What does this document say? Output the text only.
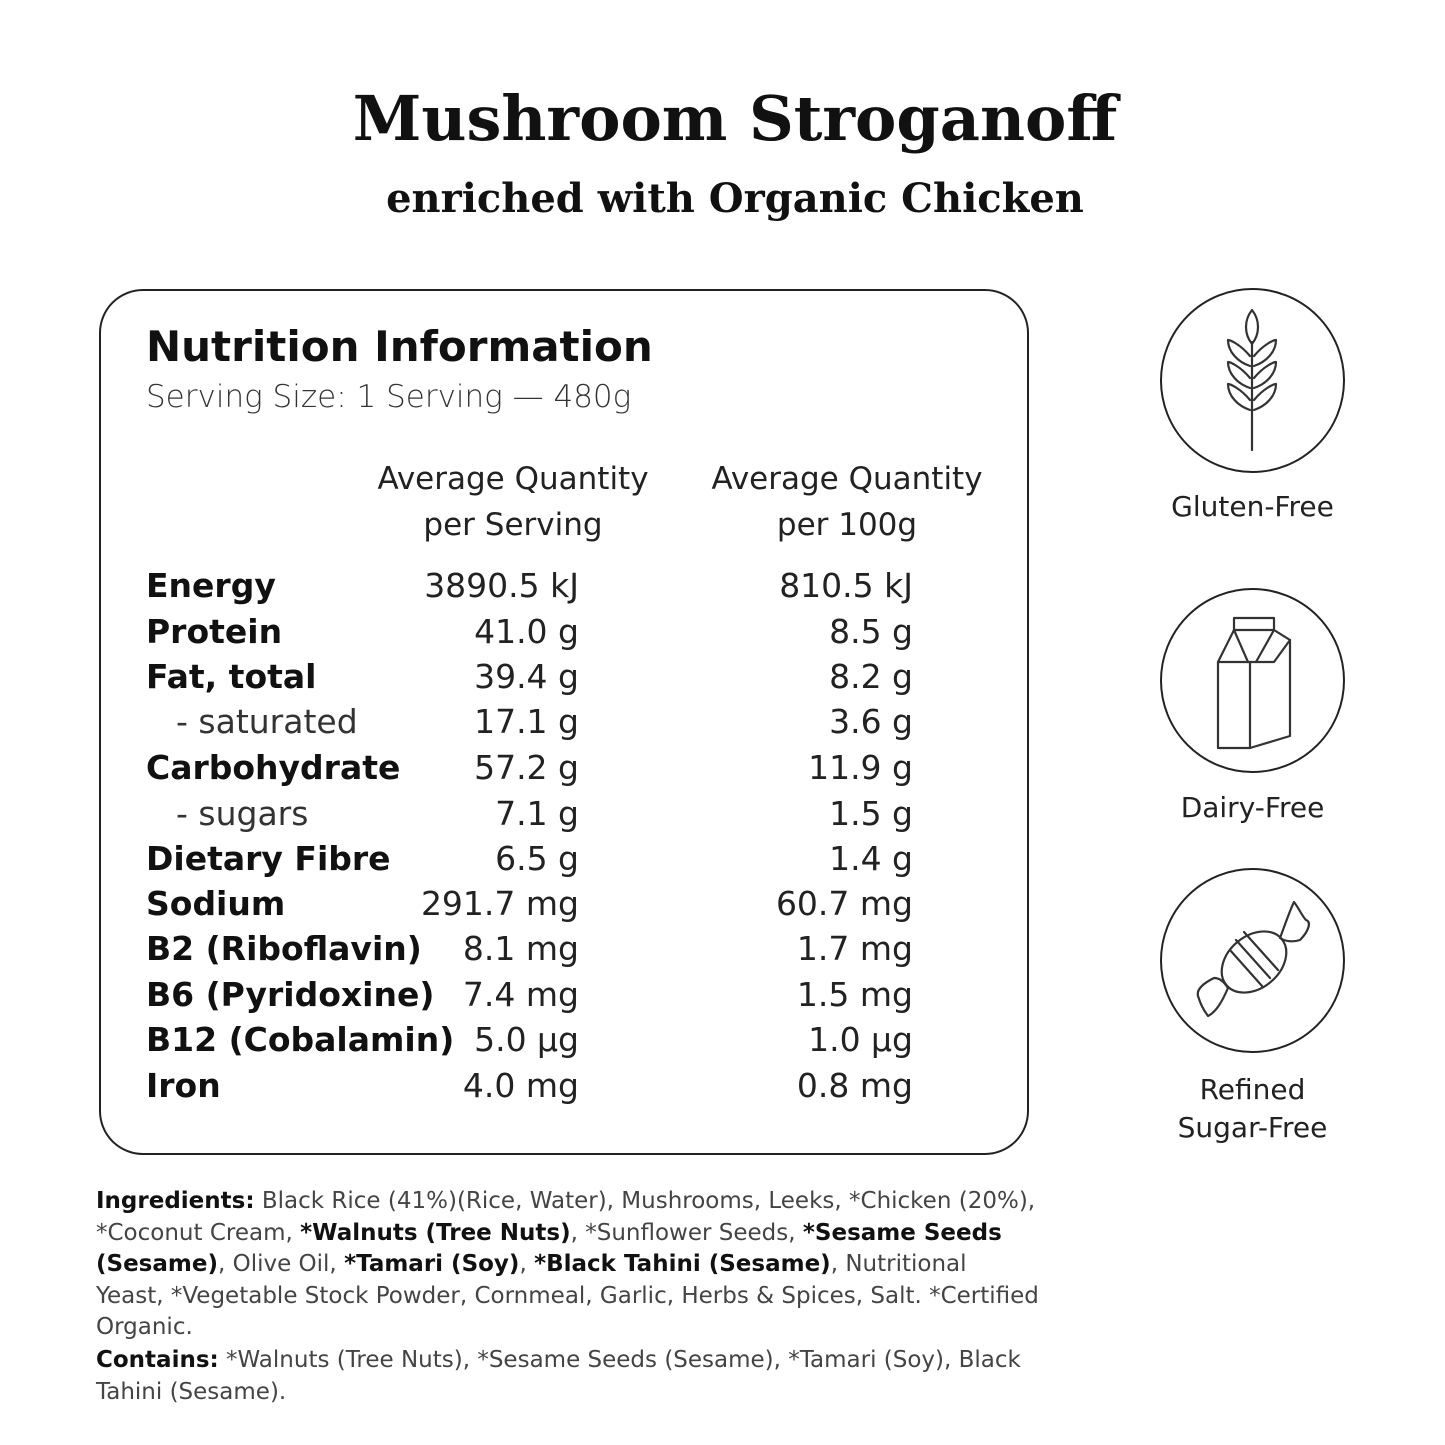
Mushroom Stroganoff
enriched with Organic Chicken
Nutrition Information
Serving Size: 1 Serving — 480g
Average Quantity
per Serving
Average Quantity
per 100g
Energy	3890.5 kJ	810.5 kJ
Protein	41.0 g	8.5 g
Fat, total	39.4 g	8.2 g
- saturated	17.1 g	3.6 g
Carbohydrate 57.2 g	11.9 g
- sugars	7.1 g	1.5 g
Dietary Fibre	6.5 g	1.4 g
Sodium	291.7 mg	60.7 mg
B2 (Riboflavin) 8.1 mg	1.7 mg
B6 (Pyridoxine) 7.4 mg	1.5 mg
B12 (Cobalamin) 5.0 µg	1.0 µg
Iron	4.0 mg	0.8 mg
Gluten-Free
Dairy-Free
Refined
Sugar-Free

Ingredients: Black Rice (41%)(Rice, Water), Mushrooms, Leeks, *Chicken (20%), *Coconut Cream, *Walnuts (Tree Nuts), *Sunflower Seeds, *Sesame Seeds (Sesame), Olive Oil, *Tamari (Soy), *Black Tahini (Sesame), Nutritional Yeast, *Vegetable Stock Powder, Cornmeal, Garlic, Herbs & Spices, Salt. *Certified Organic.

Contains: *Walnuts (Tree Nuts), *Sesame Seeds (Sesame), *Tamari (Soy), Black Tahini (Sesame).
